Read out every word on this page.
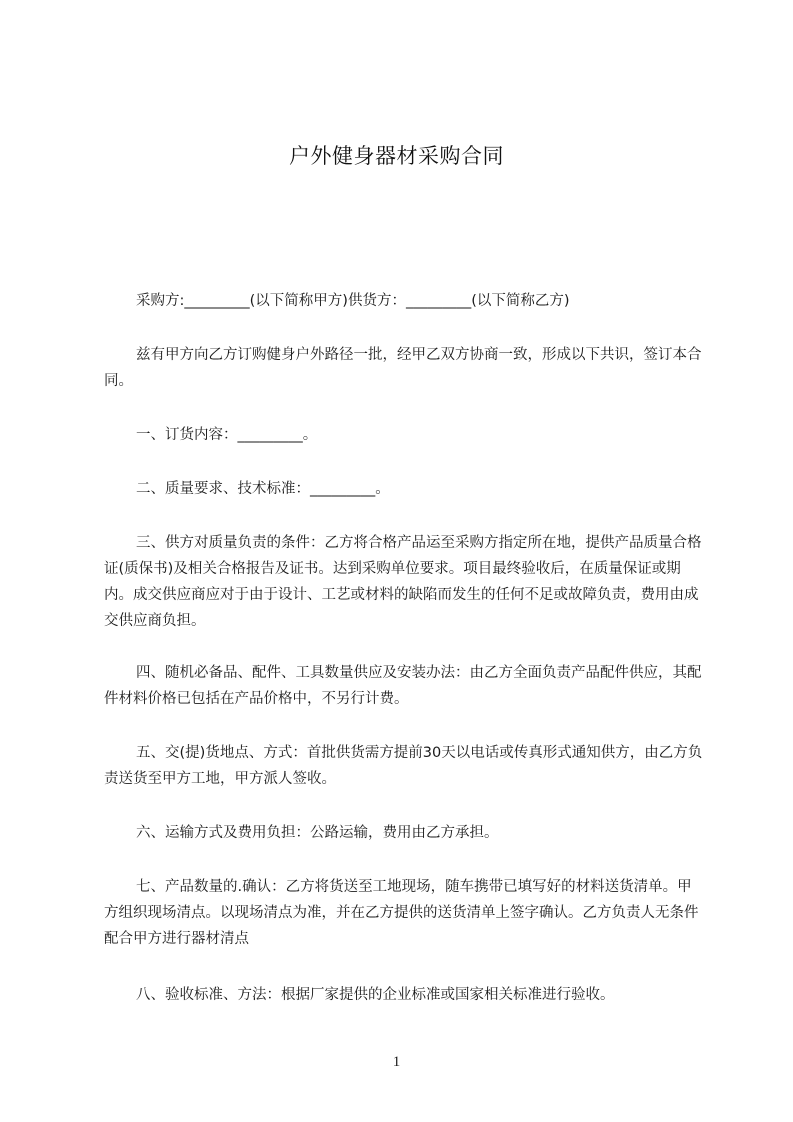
户外健身器材采购合同

采购方:_________(以下简称甲方)供货方：_________(以下简称乙方)

兹有甲方向乙方订购健身户外路径一批，经甲乙双方协商一致，形成以下共识，签订本合同。

一、订货内容：_________。

二、质量要求、技术标准：_________。

三、供方对质量负责的条件：乙方将合格产品运至采购方指定所在地，提供产品质量合格证(质保书)及相关合格报告及证书。达到采购单位要求。项目最终验收后，在质量保证或期内。成交供应商应对于由于设计、工艺或材料的缺陷而发生的任何不足或故障负责，费用由成交供应商负担。

四、随机必备品、配件、工具数量供应及安装办法：由乙方全面负责产品配件供应，其配件材料价格已包括在产品价格中，不另行计费。

五、交(提)货地点、方式：首批供货需方提前30天以电话或传真形式通知供方，由乙方负责送货至甲方工地，甲方派人签收。

六、运输方式及费用负担：公路运输，费用由乙方承担。

七、产品数量的.确认：乙方将货送至工地现场，随车携带已填写好的材料送货清单。甲方组织现场清点。以现场清点为准，并在乙方提供的送货清单上签字确认。乙方负责人无条件配合甲方进行器材清点

八、验收标准、方法：根据厂家提供的企业标准或国家相关标准进行验收。

1
